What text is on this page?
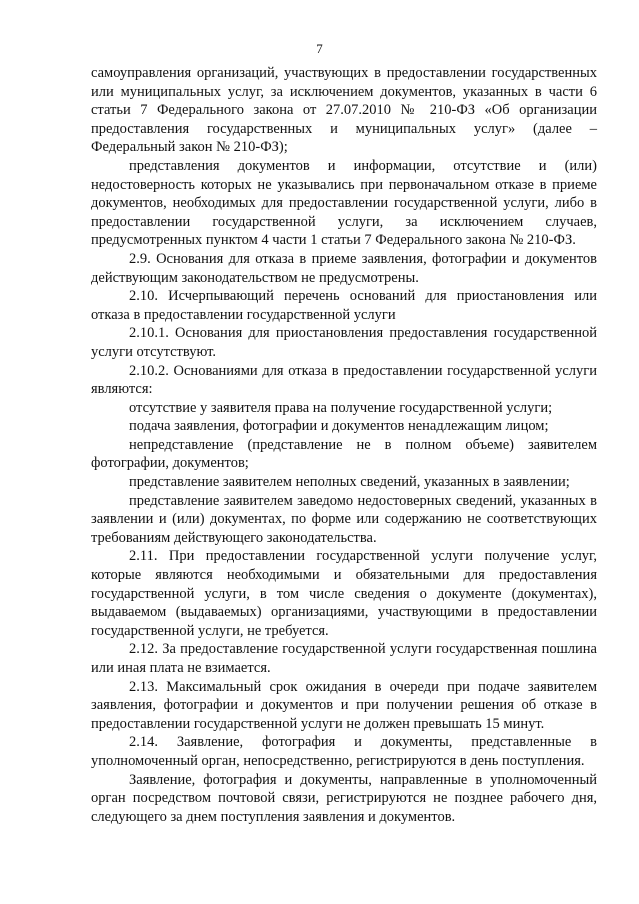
7

самоуправления организаций, участвующих в предоставлении государственных или муниципальных услуг, за исключением документов, указанных в части 6 статьи 7 Федерального закона от 27.07.2010 № 210-ФЗ «Об организации предоставления государственных и муниципальных услуг» (далее – Федеральный закон № 210-ФЗ);

представления документов и информации, отсутствие и (или) недостоверность которых не указывались при первоначальном отказе в приеме документов, необходимых для предоставлении государственной услуги, либо в предоставлении государственной услуги, за исключением случаев, предусмотренных пунктом 4 части 1 статьи 7 Федерального закона № 210-ФЗ.

2.9. Основания для отказа в приеме заявления, фотографии и документов действующим законодательством не предусмотрены.

2.10. Исчерпывающий перечень оснований для приостановления или отказа в предоставлении государственной услуги

2.10.1. Основания для приостановления предоставления государственной услуги отсутствуют.

2.10.2. Основаниями для отказа в предоставлении государственной услуги являются:

отсутствие у заявителя права на получение государственной услуги;

подача заявления, фотографии и документов ненадлежащим лицом;

непредставление (представление не в полном объеме) заявителем фотографии, документов;

представление заявителем неполных сведений, указанных в заявлении;

представление заявителем заведомо недостоверных сведений, указанных в заявлении и (или) документах, по форме или содержанию не соответствующих требованиям действующего законодательства.

2.11. При предоставлении государственной услуги получение услуг, которые являются необходимыми и обязательными для предоставления государственной услуги, в том числе сведения о документе (документах), выдаваемом (выдаваемых) организациями, участвующими в предоставлении государственной услуги, не требуется.

2.12. За предоставление государственной услуги государственная пошлина или иная плата не взимается.

2.13. Максимальный срок ожидания в очереди при подаче заявителем заявления, фотографии и документов и при получении решения об отказе в предоставлении государственной услуги не должен превышать 15 минут.

2.14. Заявление, фотография и документы, представленные в уполномоченный орган, непосредственно, регистрируются в день поступления.

Заявление, фотография и документы, направленные в уполномоченный орган посредством почтовой связи, регистрируются не позднее рабочего дня, следующего за днем поступления заявления и документов.
